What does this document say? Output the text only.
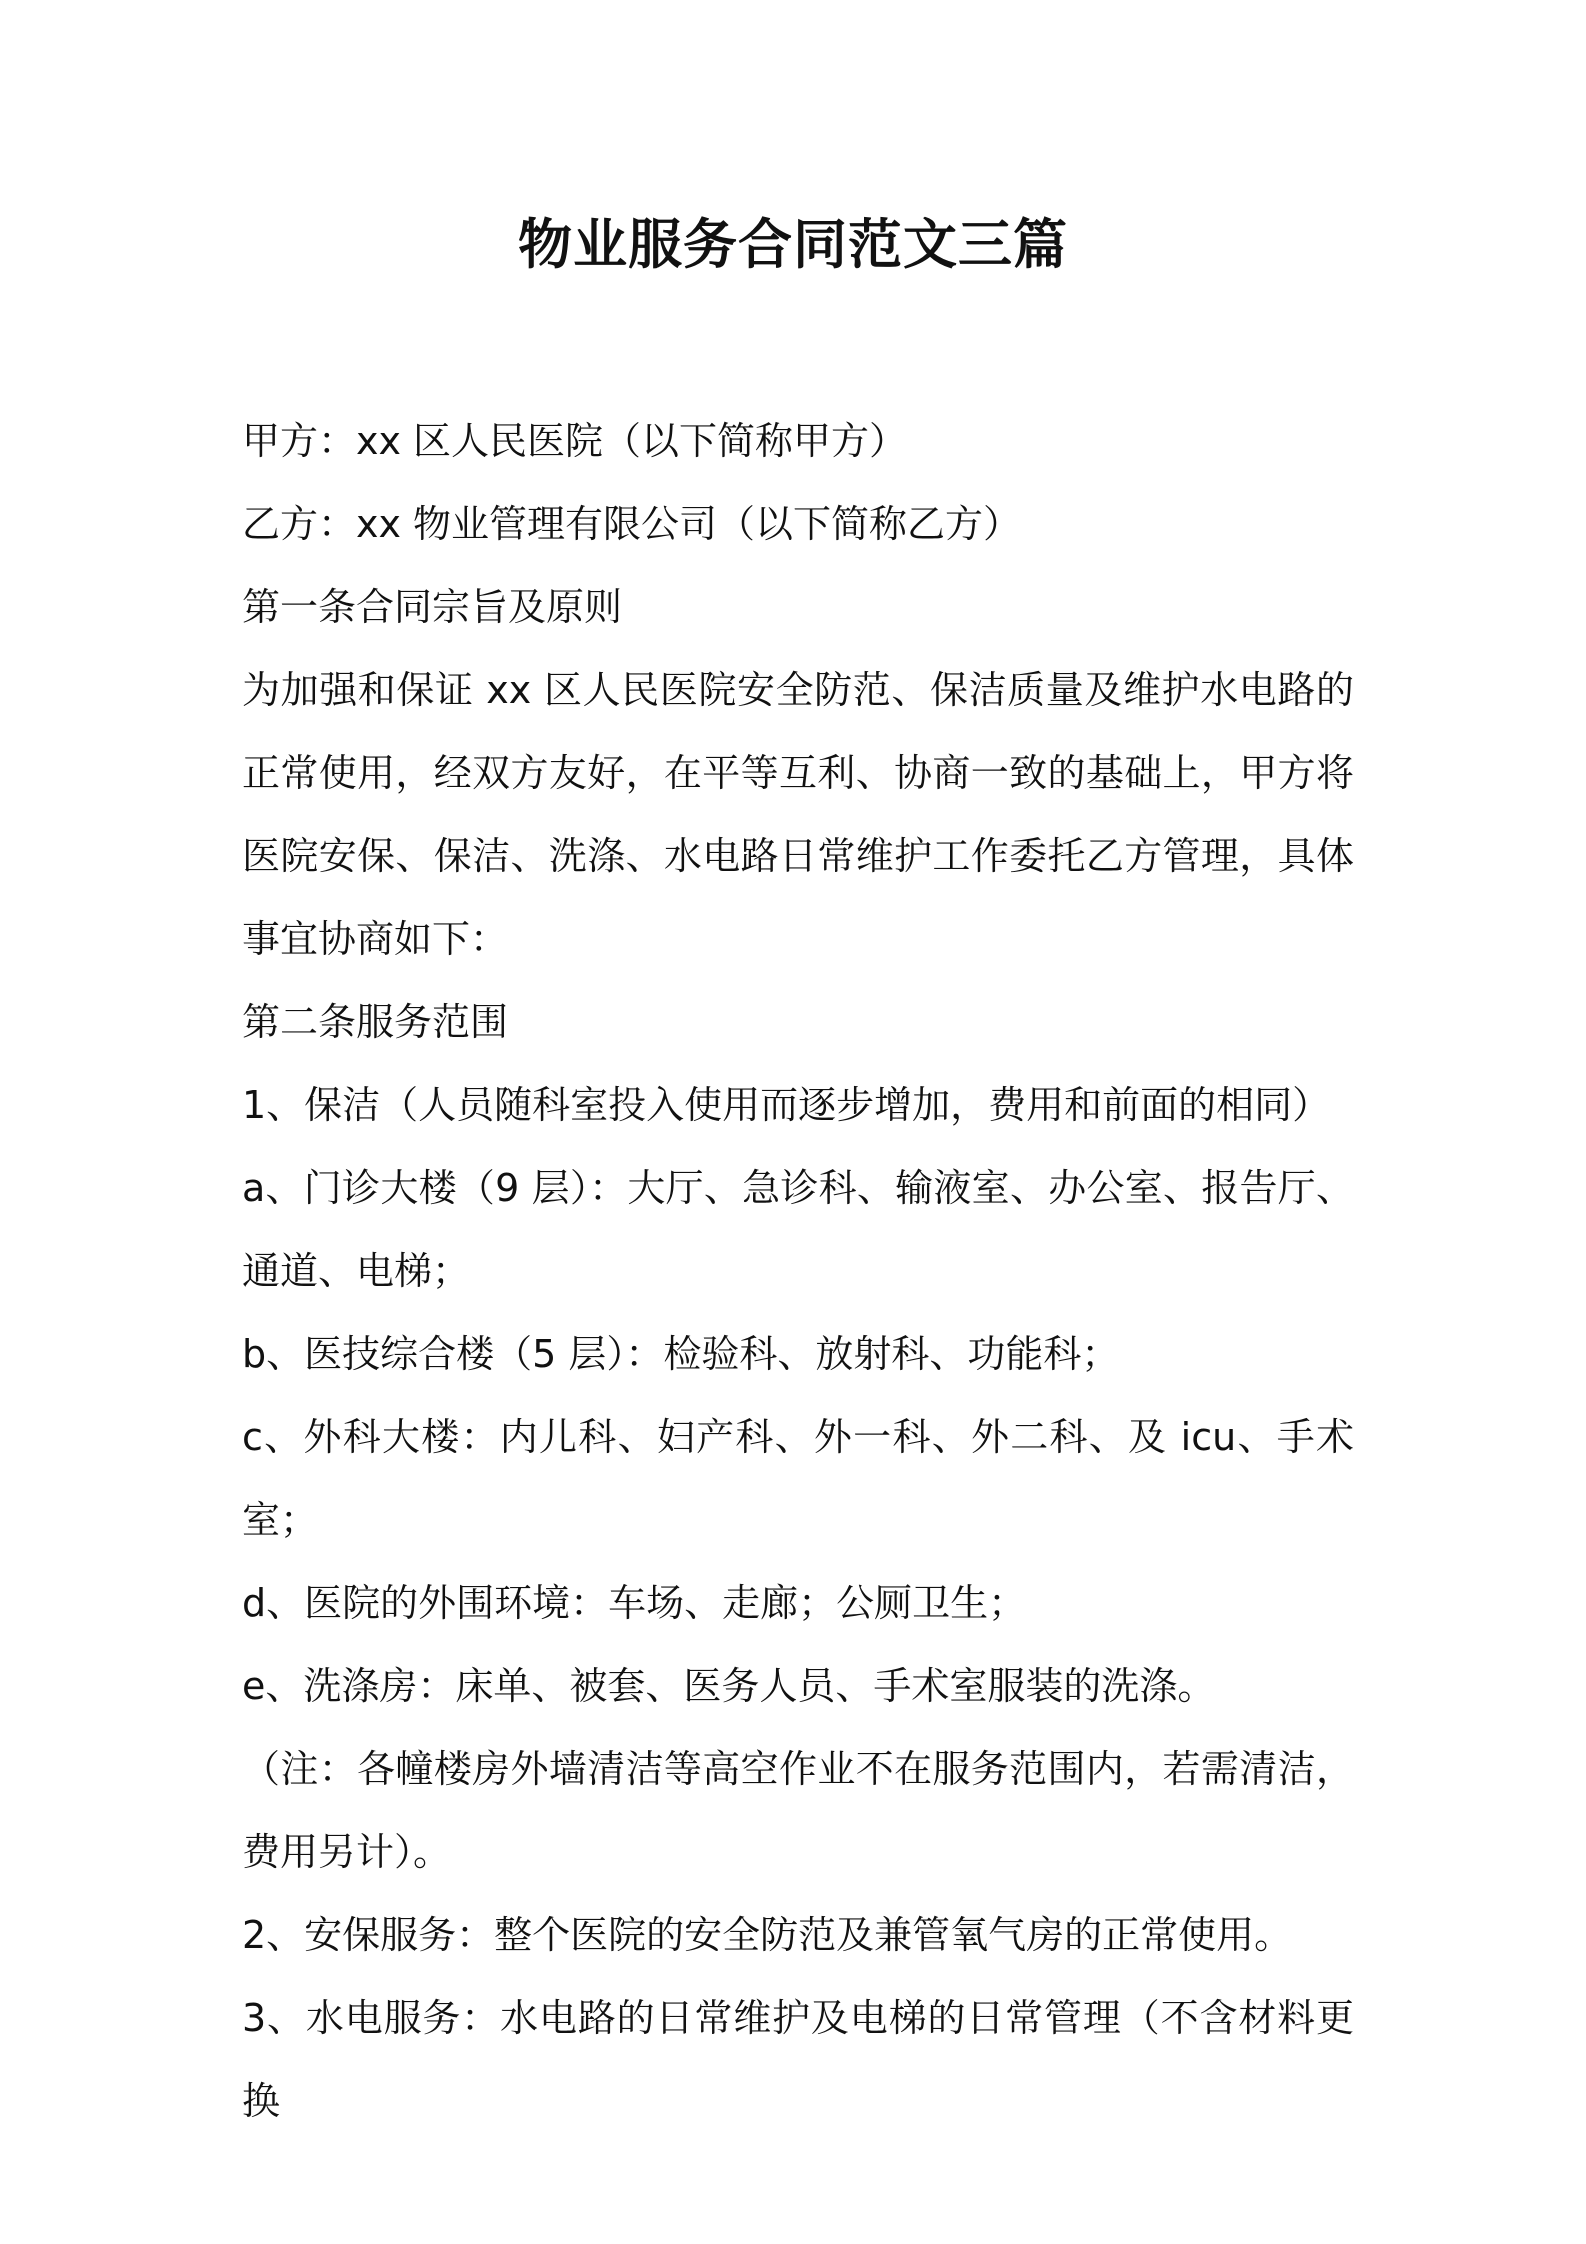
物业服务合同范文三篇

甲方：xx 区人民医院（以下简称甲方）

乙方：xx 物业管理有限公司（以下简称乙方）

第一条合同宗旨及原则

为加强和保证 xx 区人民医院安全防范、保洁质量及维护水电路的正常使用，经双方友好，在平等互利、协商一致的基础上，甲方将医院安保、保洁、洗涤、水电路日常维护工作委托乙方管理，具体事宜协商如下：

第二条服务范围

1、保洁（人员随科室投入使用而逐步增加，费用和前面的相同）

a、门诊大楼（9 层）：大厅、急诊科、输液室、办公室、报告厅、通道、电梯；

b、医技综合楼（5 层）：检验科、放射科、功能科；

c、外科大楼：内儿科、妇产科、外一科、外二科、及 icu、手术室；

d、医院的外围环境：车场、走廊；公厕卫生；

e、洗涤房：床单、被套、医务人员、手术室服装的洗涤。

（注：各幢楼房外墙清洁等高空作业不在服务范围内，若需清洁，费用另计）。

2、安保服务：整个医院的安全防范及兼管氧气房的正常使用。

3、水电服务：水电路的日常维护及电梯的日常管理（不含材料更换
